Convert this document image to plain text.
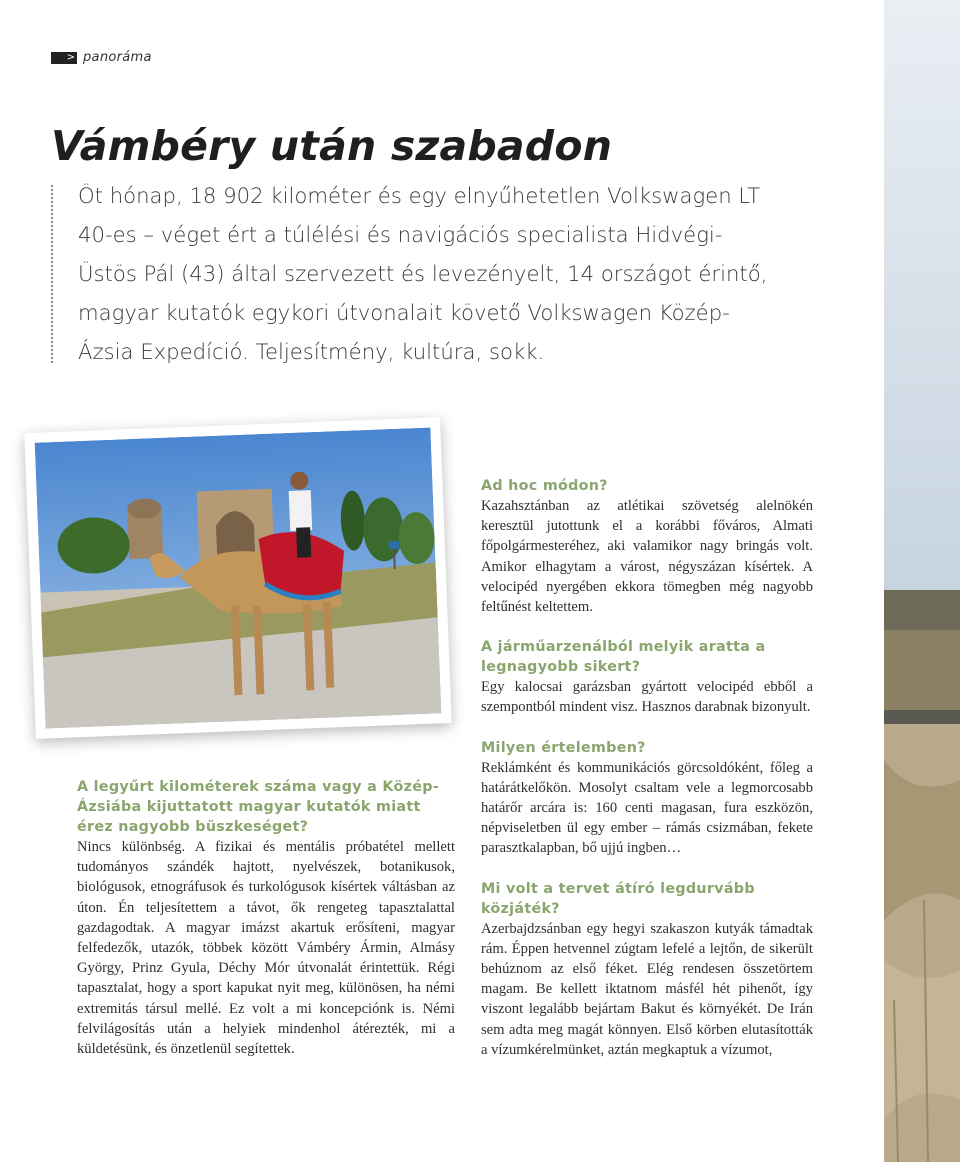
> panoráma
Vámbéry után szabadon

Öt hónap, 18 902 kilométer és egy elnyűhetetlen Volkswagen LT 40-es – véget ért a túlélési és navigációs specialista Hidvégi-Üstös Pál (43) által szervezett és levezényelt, 14 országot érintő, magyar kutatók egykori útvonalait követő Volkswagen Közép-Ázsia Expedíció. Teljesítmény, kultúra, sokk.

A legyűrt kilométerek száma vagy a Közép-Ázsiába kijuttatott magyar kutatók miatt érez nagyobb büszkeséget?

Nincs különbség. A fizikai és mentális próbatétel mellett tudományos szándék hajtott, nyelvészek, botanikusok, biológusok, etnográfusok és turkológusok kísértek váltásban az úton. Én teljesítettem a távot, ők rengeteg tapasztalattal gazdagodtak. A magyar imázst akartuk erősíteni, magyar felfedezők, utazók, többek között Vámbéry Ármin, Almásy György, Prinz Gyula, Déchy Mór útvonalát érintettük. Régi tapasztalat, hogy a sport kapukat nyit meg, különösen, ha némi extremitás társul mellé. Ez volt a mi koncepciónk is. Némi felvilágosítás után a helyiek mindenhol átérezték, mi a küldetésünk, és önzetlenül segítettek.

Ad hoc módon?

Kazahsztánban az atlétikai szövetség alelnökén keresztül jutottunk el a korábbi főváros, Almati főpolgármesteréhez, aki valamikor nagy bringás volt. Amikor elhagytam a várost, négyszázan kísértek. A velocipéd nyergében ekkora tömegben még nagyobb feltűnést keltettem.

A járműarzenálból melyik aratta a legnagyobb sikert?

Egy kalocsai garázsban gyártott velocipéd ebből a szempontból mindent visz. Hasznos darabnak bizonyult.

Milyen értelemben?

Reklámként és kommunikációs görcsoldóként, főleg a határátkelőkön. Mosolyt csaltam vele a legmorcosabb határőr arcára is: 160 centi magasan, fura eszközön, népviseletben ül egy ember – rámás csizmában, fekete parasztkalapban, bő ujjú ingben…

Mi volt a tervet átíró legdurvább közjáték?

Azerbajdzsánban egy hegyi szakaszon kutyák támadtak rám. Éppen hetvennel zúgtam lefelé a lejtőn, de sikerült behúznom az első féket. Elég rendesen összetörtem magam. Be kellett iktatnom másfél hét pihenőt, így viszont legalább bejártam Bakut és környékét. De Irán sem adta meg magát könnyen. Első körben elutasították a vízumkérelmünket, aztán megkaptuk a vízumot,
